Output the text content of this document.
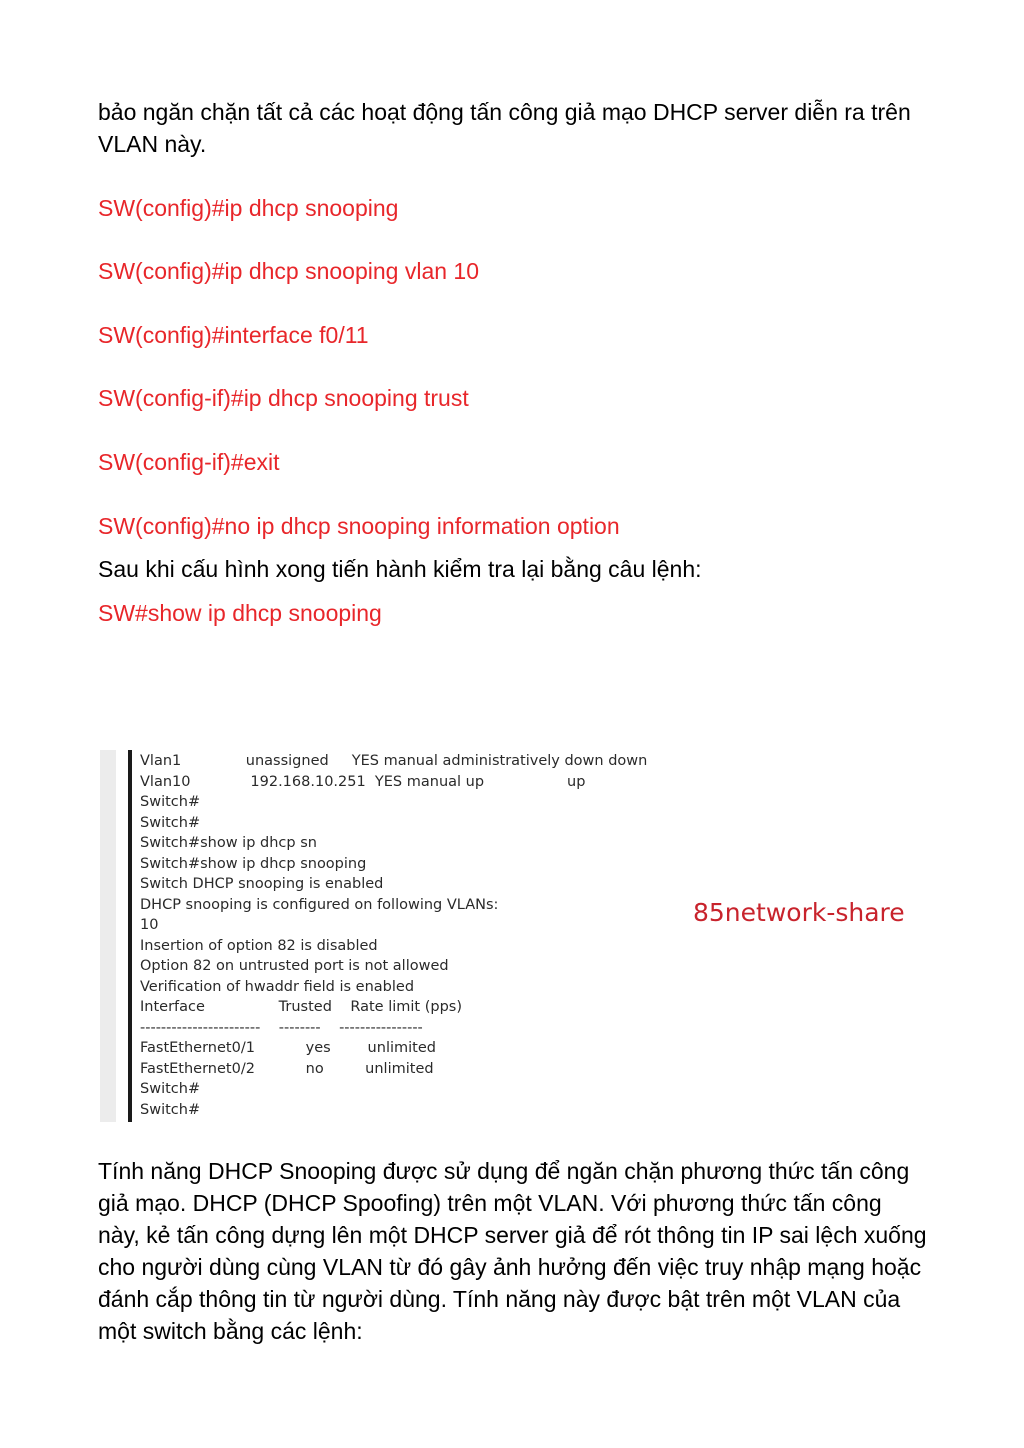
bảo ngăn chặn tất cả các hoạt động tấn công giả mạo DHCP server diễn ra trên VLAN này.

SW(config)#ip dhcp snooping

SW(config)#ip dhcp snooping vlan 10

SW(config)#interface f0/11

SW(config-if)#ip dhcp snooping trust

SW(config-if)#exit

SW(config)#no ip dhcp snooping information option

Sau khi cấu hình xong tiến hành kiểm tra lại bằng câu lệnh:

SW#show ip dhcp snooping

Vlan1              unassigned     YES manual administratively down down
Vlan10             192.168.10.251  YES manual up                  up
Switch#
Switch#
Switch#show ip dhcp sn
Switch#show ip dhcp snooping
Switch DHCP snooping is enabled
DHCP snooping is configured on following VLANs:
10
Insertion of option 82 is disabled
Option 82 on untrusted port is not allowed
Verification of hwaddr field is enabled
Interface                Trusted    Rate limit (pps)
-----------------------    --------    ----------------
FastEthernet0/1           yes        unlimited
FastEthernet0/2           no         unlimited
Switch#
Switch#
85network-share

Tính năng DHCP Snooping được sử dụng để ngăn chặn phương thức tấn công giả mạo. DHCP (DHCP Spoofing) trên một VLAN. Với phương thức tấn công này, kẻ tấn công dựng lên một DHCP server giả để rót thông tin IP sai lệch xuống cho người dùng cùng VLAN từ đó gây ảnh hưởng đến việc truy nhập mạng hoặc đánh cắp thông tin từ người dùng. Tính năng này được bật trên một VLAN của một switch bằng các lệnh:
